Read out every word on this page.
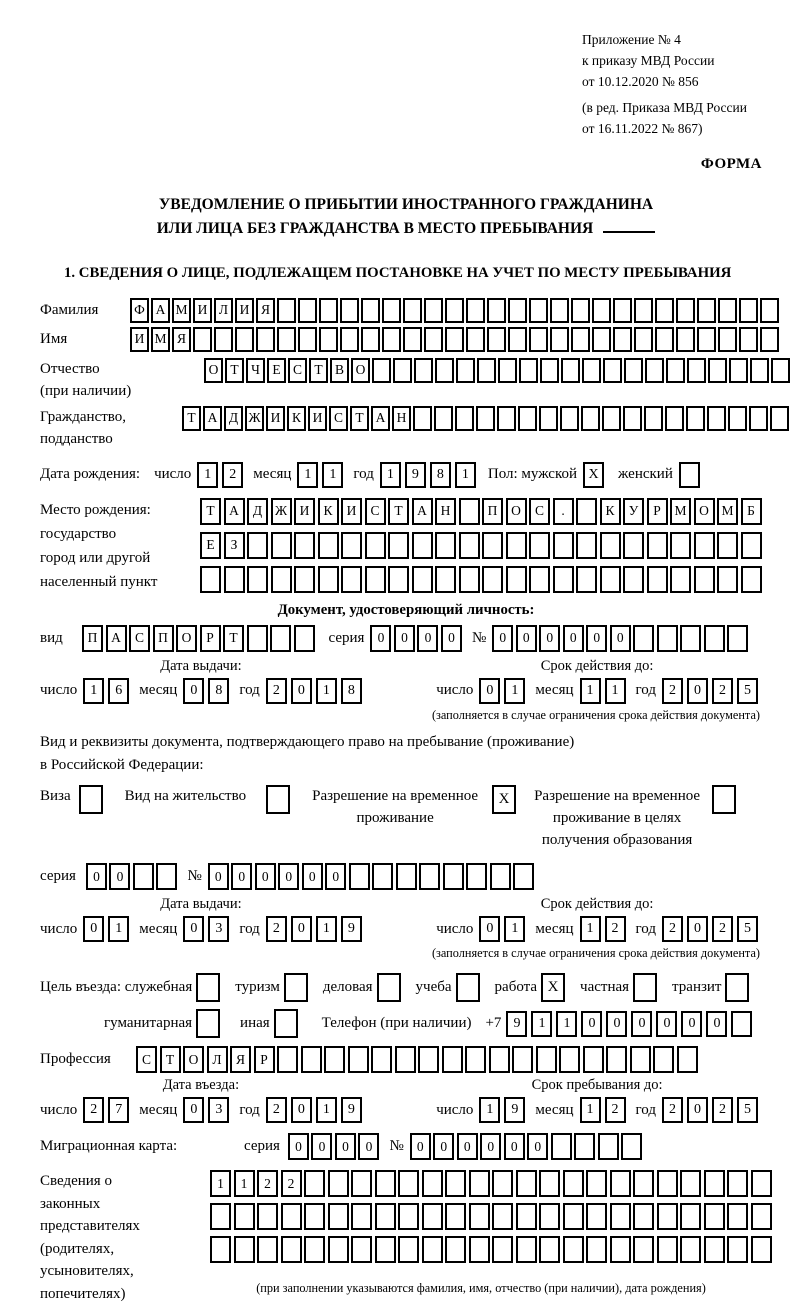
Приложение № 4
к приказу МВД России
от 10.12.2020 № 856
(в ред. Приказа МВД России
от 16.11.2022 № 867)
ФОРМА
УВЕДОМЛЕНИЕ О ПРИБЫТИИ ИНОСТРАННОГО ГРАЖДАНИНА
ИЛИ ЛИЦА БЕЗ ГРАЖДАНСТВА В МЕСТО ПРЕБЫВАНИЯ
1. СВЕДЕНИЯ О ЛИЦЕ, ПОДЛЕЖАЩЕМ ПОСТАНОВКЕ НА УЧЕТ ПО МЕСТУ ПРЕБЫВАНИЯ
Фамилия	Ф А М И Л И Я
Имя	И М Я
Отчество
(при наличии)
О Т Ч Е С Т В О
Гражданство,
подданство
Т А Д Ж И К И С Т А Н
Дата рождения: число 1	2	месяц 1	1	год 1	9	8	1	Пол: мужской X	женский
Место рождения:
государство
город или другой
населенный пункт
Т	А	Д Ж И	К	И	С	Т	А	Н	П	О	С	.	К	У	Р	М О М	Б
Е	З
Документ, удостоверяющий личность:
вид	П	А	С	П	О	Р	Т	серия 0	0	0	0	№ 0	0	0	0	0	0
Дата выдачи:
число 1	6	месяц 0	8	год 2	0	1	8
Срок действия до:
число 0	1	месяц 1	1	год 2	0	2	5
(заполняется в случае ограничения срока действия документа)
Вид и реквизиты документа, подтверждающего право на пребывание (проживание)
в Российской Федерации:
Виза	Вид на жительство	Разрешение на временное
проживание
X	Разрешение на временное
проживание в целях
получения образования
серия	0	0	№ 0	0	0	0	0	0
Дата выдачи:
число 0	1	месяц 0	3	год 2	0	1	9
Срок действия до:
число 0	1	месяц 1	2	год 2	0	2	5
(заполняется в случае ограничения срока действия документа)
Цель въезда: служебная	туризм	деловая	учеба	работа X	частная	транзит
гуманитарная	иная	Телефон (при наличии) +7 9	1	1	0	0	0	0	0	0
Профессия	С	Т	О	Л	Я	Р
Дата въезда:
число 2	7	месяц 0	3	год 2	0	1	9
Срок пребывания до:
число 1	9	месяц 1	2	год 2	0	2	5
Миграционная карта:	серия	0	0	0	0	№ 0	0	0	0	0	0
Сведения о
законных
представителях
(родителях,
усыновителях,
попечителях)
1	1	2	2
(при заполнении указываются фамилия, имя, отчество (при наличии), дата рождения)
